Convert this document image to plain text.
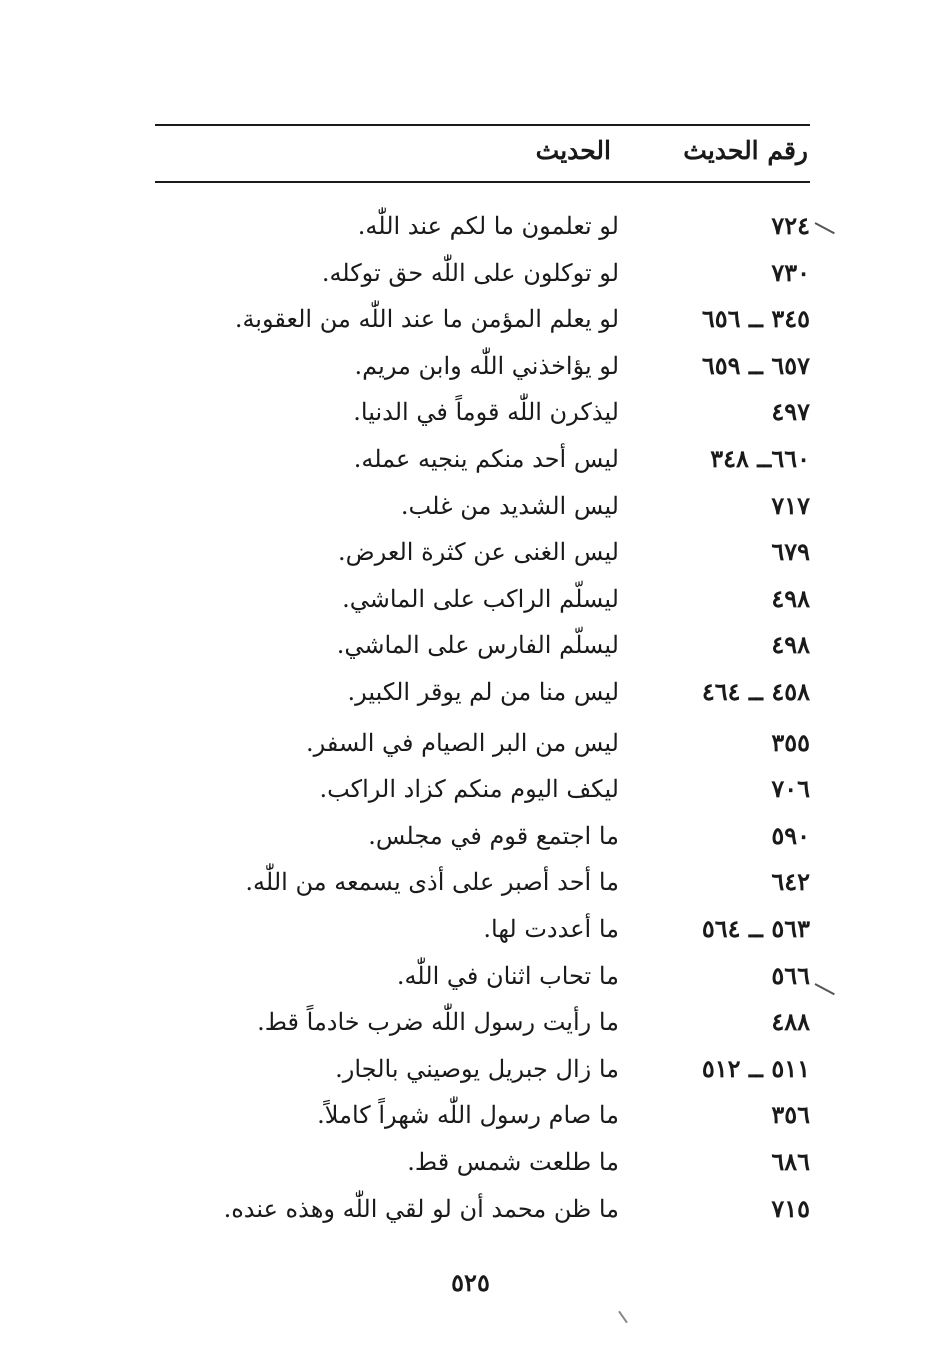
رقم الحديث
الحديث
٧٢٤
لو تعلمون ما لكم عند اللّٰه.
٧٣٠
لو توكلون على اللّٰه حق توكله.
٣٤٥ ــ ٦٥٦
لو يعلم المؤمن ما عند اللّٰه من العقوبة.
٦٥٧ ــ ٦٥٩
لو يؤاخذني اللّٰه وابن مريم.
٤٩٧
ليذكرن اللّٰه قوماً في الدنيا.
٦٦٠ــ ٣٤٨
ليس أحد منكم ينجيه عمله.
٧١٧
ليس الشديد من غلب.
٦٧٩
ليس الغنى عن كثرة العرض.
٤٩٨
ليسلّم الراكب على الماشي.
٤٩٨
ليسلّم الفارس على الماشي.
٤٥٨ ــ ٤٦٤
ليس منا من لم يوقر الكبير.
٣٥٥
ليس من البر الصيام في السفر.
٧٠٦
ليكف اليوم منكم كزاد الراكب.
٥٩٠
ما اجتمع قوم في مجلس.
٦٤٢
ما أحد أصبر على أذى يسمعه من اللّٰه.
٥٦٣ ــ ٥٦٤
ما أعددت لها.
٥٦٦
ما تحاب اثنان في اللّٰه.
٤٨٨
ما رأيت رسول اللّٰه ضرب خادماً قط.
٥١١ ــ ٥١٢
ما زال جبريل يوصيني بالجار.
٣٥٦
ما صام رسول اللّٰه شهراً كاملاً.
٦٨٦
ما طلعت شمس قط.
٧١٥
ما ظن محمد أن لو لقي اللّٰه وهذه عنده.
٥٢٥
